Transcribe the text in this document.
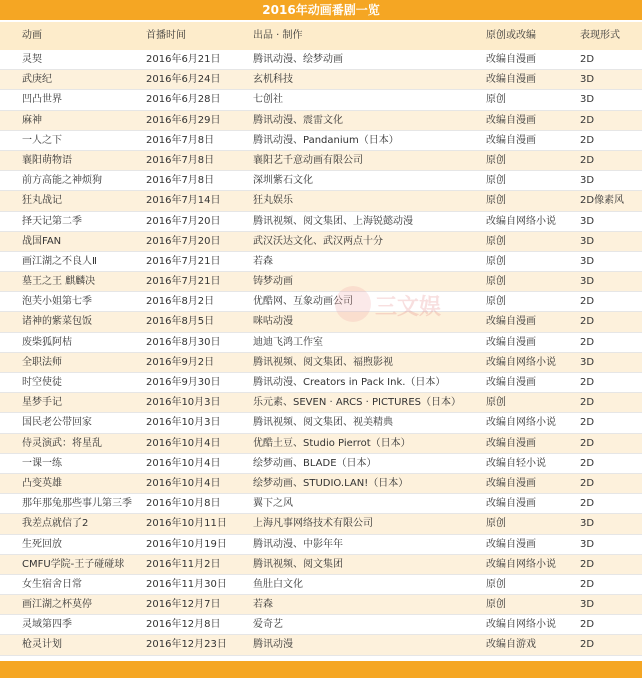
2016年动画番剧一览
动画	首播时间	出品 · 制作	原创或改编	表现形式
灵契	2016年6月21日	腾讯动漫、绘梦动画	改编自漫画	2D
武庚纪	2016年6月24日	玄机科技	改编自漫画	3D
凹凸世界	2016年6月28日	七创社	原创	3D
麻神	2016年6月29日	腾讯动漫、震雷文化	改编自漫画	2D
一人之下	2016年7月8日	腾讯动漫、Pandanium（日本）	改编自漫画	2D
襄阳萌物语	2016年7月8日	襄阳艺千意动画有限公司	原创	2D
前方高能之神烦狗	2016年7月8日	深圳紫石文化	原创	3D
狂丸战记	2016年7月14日	狂丸娱乐	原创	2D像素风
择天记第二季	2016年7月20日	腾讯视频、阅文集团、上海锐懿动漫	改编自网络小说	3D
战国FAN	2016年7月20日	武汉沃达文化、武汉两点十分	原创	3D
画江湖之不良人Ⅱ	2016年7月21日	若森	原创	3D
墓王之王 麒麟决	2016年7月21日	铸梦动画	原创	3D
泡芙小姐第七季	2016年8月2日	优酷网、互象动画公司	原创	2D
诸神的紫菜包饭	2016年8月5日	咪咕动漫	改编自漫画	2D
废柴狐阿桔	2016年8月30日	迪迪飞鸿工作室	改编自漫画	2D
全职法师	2016年9月2日	腾讯视频、阅文集团、福煦影视	改编自网络小说	3D
时空使徒	2016年9月30日	腾讯动漫、Creators in Pack Ink.（日本）	改编自漫画	2D
星梦手记	2016年10月3日	乐元素、SEVEN · ARCS · PICTURES（日本）	原创	2D
国民老公带回家	2016年10月3日	腾讯视频、阅文集团、视美精典	改编自网络小说	2D
侍灵演武：将星乱	2016年10月4日	优酷土豆、Studio Pierrot（日本）	改编自漫画	2D
一课一练	2016年10月4日	绘梦动画、BLADE（日本）	改编自轻小说	2D
凸变英雄	2016年10月4日	绘梦动画、STUDIO.LAN!（日本）	改编自漫画	2D
那年那兔那些事儿第三季	2016年10月8日	翼下之风	改编自漫画	2D
我差点就信了2	2016年10月11日	上海凡事网络技术有限公司	原创	3D
生死回放	2016年10月19日	腾讯动漫、中影年年	改编自漫画	3D
CMFU学院-王子碰碰球	2016年11月2日	腾讯视频、阅文集团	改编自网络小说	2D
女生宿舍日常	2016年11月30日	鱼肚白文化	原创	2D
画江湖之杯莫停	2016年12月7日	若森	原创	3D
灵域第四季	2016年12月8日	爱奇艺	改编自网络小说	2D
枪灵计划	2016年12月23日	腾讯动漫	改编自游戏	2D
三文娱
